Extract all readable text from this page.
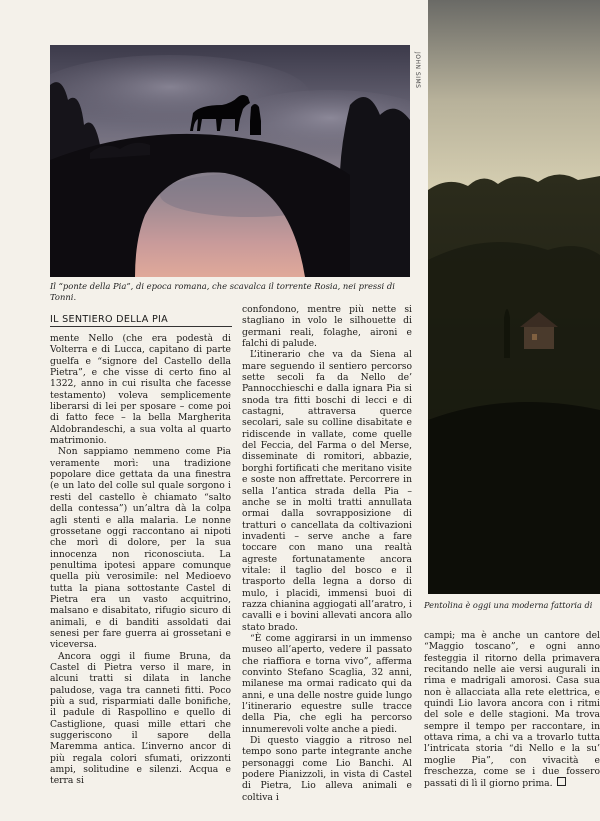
JOHN SIMS
Il “ponte della Pia”, di epoca romana, che scavalca il torrente Rosia, nei pressi di Tonni.
Pentolina è oggi una moderna fattoria di
IL SENTIERO DELLA PIA

mente Nello (che era podestà di Volterra e di Lucca, capitano di parte guelfa e “signore del Castello della Pietra”, e che visse di certo fino al 1322, anno in cui risulta che facesse testamento) voleva semplicemente liberarsi di lei per sposare – come poi di fatto fece – la bella Margherita Aldobrandeschi, a sua volta al quarto matrimonio.

Non sappiamo nemmeno come Pia veramente morì: una tradizione popolare dice gettata da una finestra (e un lato del colle sul quale sorgono i resti del castello è chiamato “salto della contessa”) un’altra dà la colpa agli stenti e alla malaria. Le nonne grossetane oggi raccontano ai nipoti che morì di dolore, per la sua innocenza non riconosciuta. La penultima ipotesi appare comunque quella più verosimile: nel Medioevo tutta la piana sottostante Castel di Pietra era un vasto acquitrino, malsano e disabitato, rifugio sicuro di animali, e di banditi assoldati dai senesi per fare guerra ai grossetani e viceversa.

Ancora oggi il fiume Bruna, da Castel di Pietra verso il mare, in alcuni tratti si dilata in lanche paludose, vaga tra canneti fitti. Poco più a sud, risparmiati dalle bonifiche, il padule di Raspollino e quello di Castiglione, quasi mille ettari che suggeriscono il sapore della Maremma antica. L’inverno ancor di più regala colori sfumati, orizzonti ampi, solitudine e silenzi. Acqua e terra si

confondono, mentre più nette si stagliano in volo le silhouette di germani reali, folaghe, aironi e falchi di palude.

L’itinerario che va da Siena al mare seguendo il sentiero percorso sette secoli fa da Nello de’ Pannocchieschi e dalla ignara Pia si snoda tra fitti boschi di lecci e di castagni, attraversa querce secolari, sale su colline disabitate e ridiscende in vallate, come quelle del Feccia, del Farma o del Merse, disseminate di romitori, abbazie, borghi fortificati che meritano visite e soste non affrettate. Percorrere in sella l’antica strada della Pia – anche se in molti tratti annullata ormai dalla sovrapposizione di tratturi o cancellata da coltivazioni invadenti – serve anche a fare toccare con mano una realtà agreste fortunatamente ancora vitale: il taglio del bosco e il trasporto della legna a dorso di mulo, i placidi, immensi buoi di razza chianina aggiogati all’aratro, i cavalli e i bovini allevati ancora allo stato brado.

“È come aggirarsi in un immenso museo all’aperto, vedere il passato che riaffiora e torna vivo”, afferma convinto Stefano Scaglia, 32 anni, milanese ma ormai radicato qui da anni, e una delle nostre guide lungo l’itinerario equestre sulle tracce della Pia, che egli ha percorso innumerevoli volte anche a piedi.

Di questo viaggio a ritroso nel tempo sono parte integrante anche personaggi come Lio Banchi. Al podere Pianizzoli, in vista di Castel di Pietra, Lio alleva animali e coltiva i

campi; ma è anche un cantore del “Maggio toscano”, e ogni anno festeggia il ritorno della primavera recitando nelle aie versi augurali in rima e madrigali amorosi. Casa sua non è allacciata alla rete elettrica, e quindi Lio lavora ancora con i ritmi del sole e delle stagioni. Ma trova sempre il tempo per raccontare, in ottava rima, a chi va a trovarlo tutta l’intricata storia “di Nello e la su’ moglie Pia”, con vivacità e freschezza, come se i due fossero passati di lì il giorno prima.
